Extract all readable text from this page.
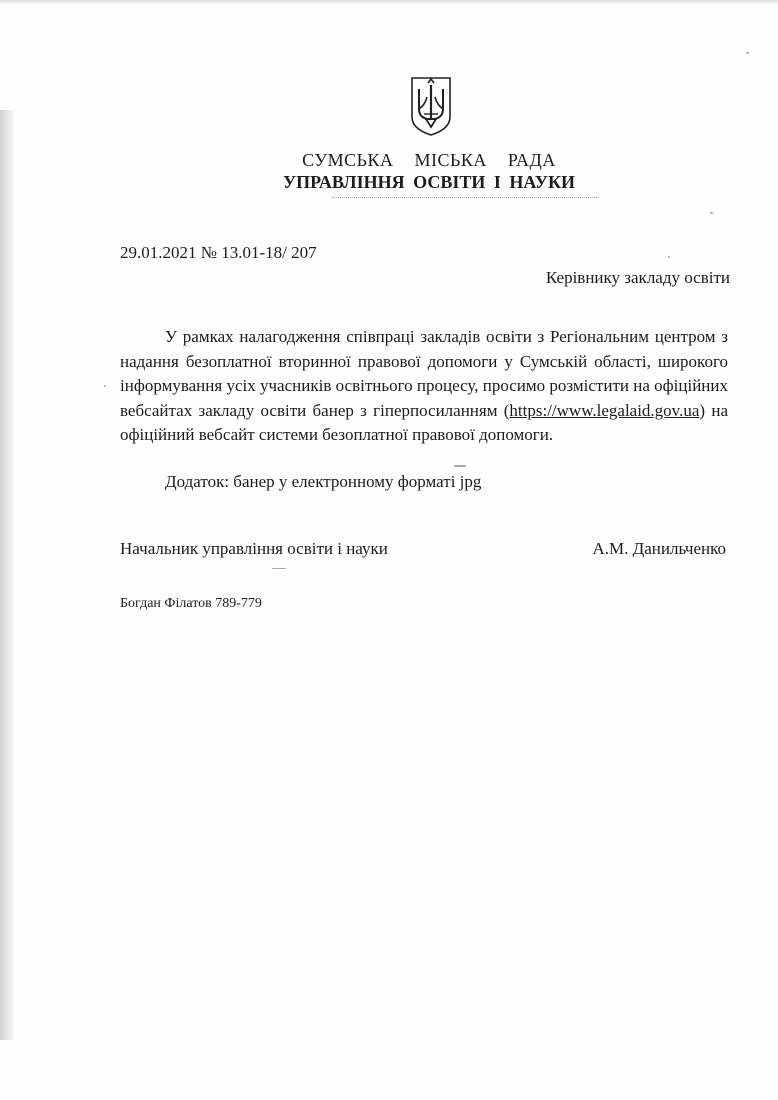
СУМСЬКА МІСЬКА РАДА
УПРАВЛІННЯ ОСВІТИ І НАУКИ
29.01.2021 № 13.01-18/ 207
Керівнику закладу освіти

У рамках налагодження співпраці закладів освіти з Регіональним центром з надання безоплатної вторинної правової допомоги у Сумській області, широкого інформування усіх учасників освітнього процесу, просимо розмістити на офіційних вебсайтах закладу освіти банер з гіперпосиланням (https://www.legalaid.gov.ua) на офіційний вебсайт системи безоплатної правової допомоги.

Додаток: банер у електронному форматі jpg
Начальник управління освіти і науки	А.М. Данильченко
Богдан Філатов 789-779
